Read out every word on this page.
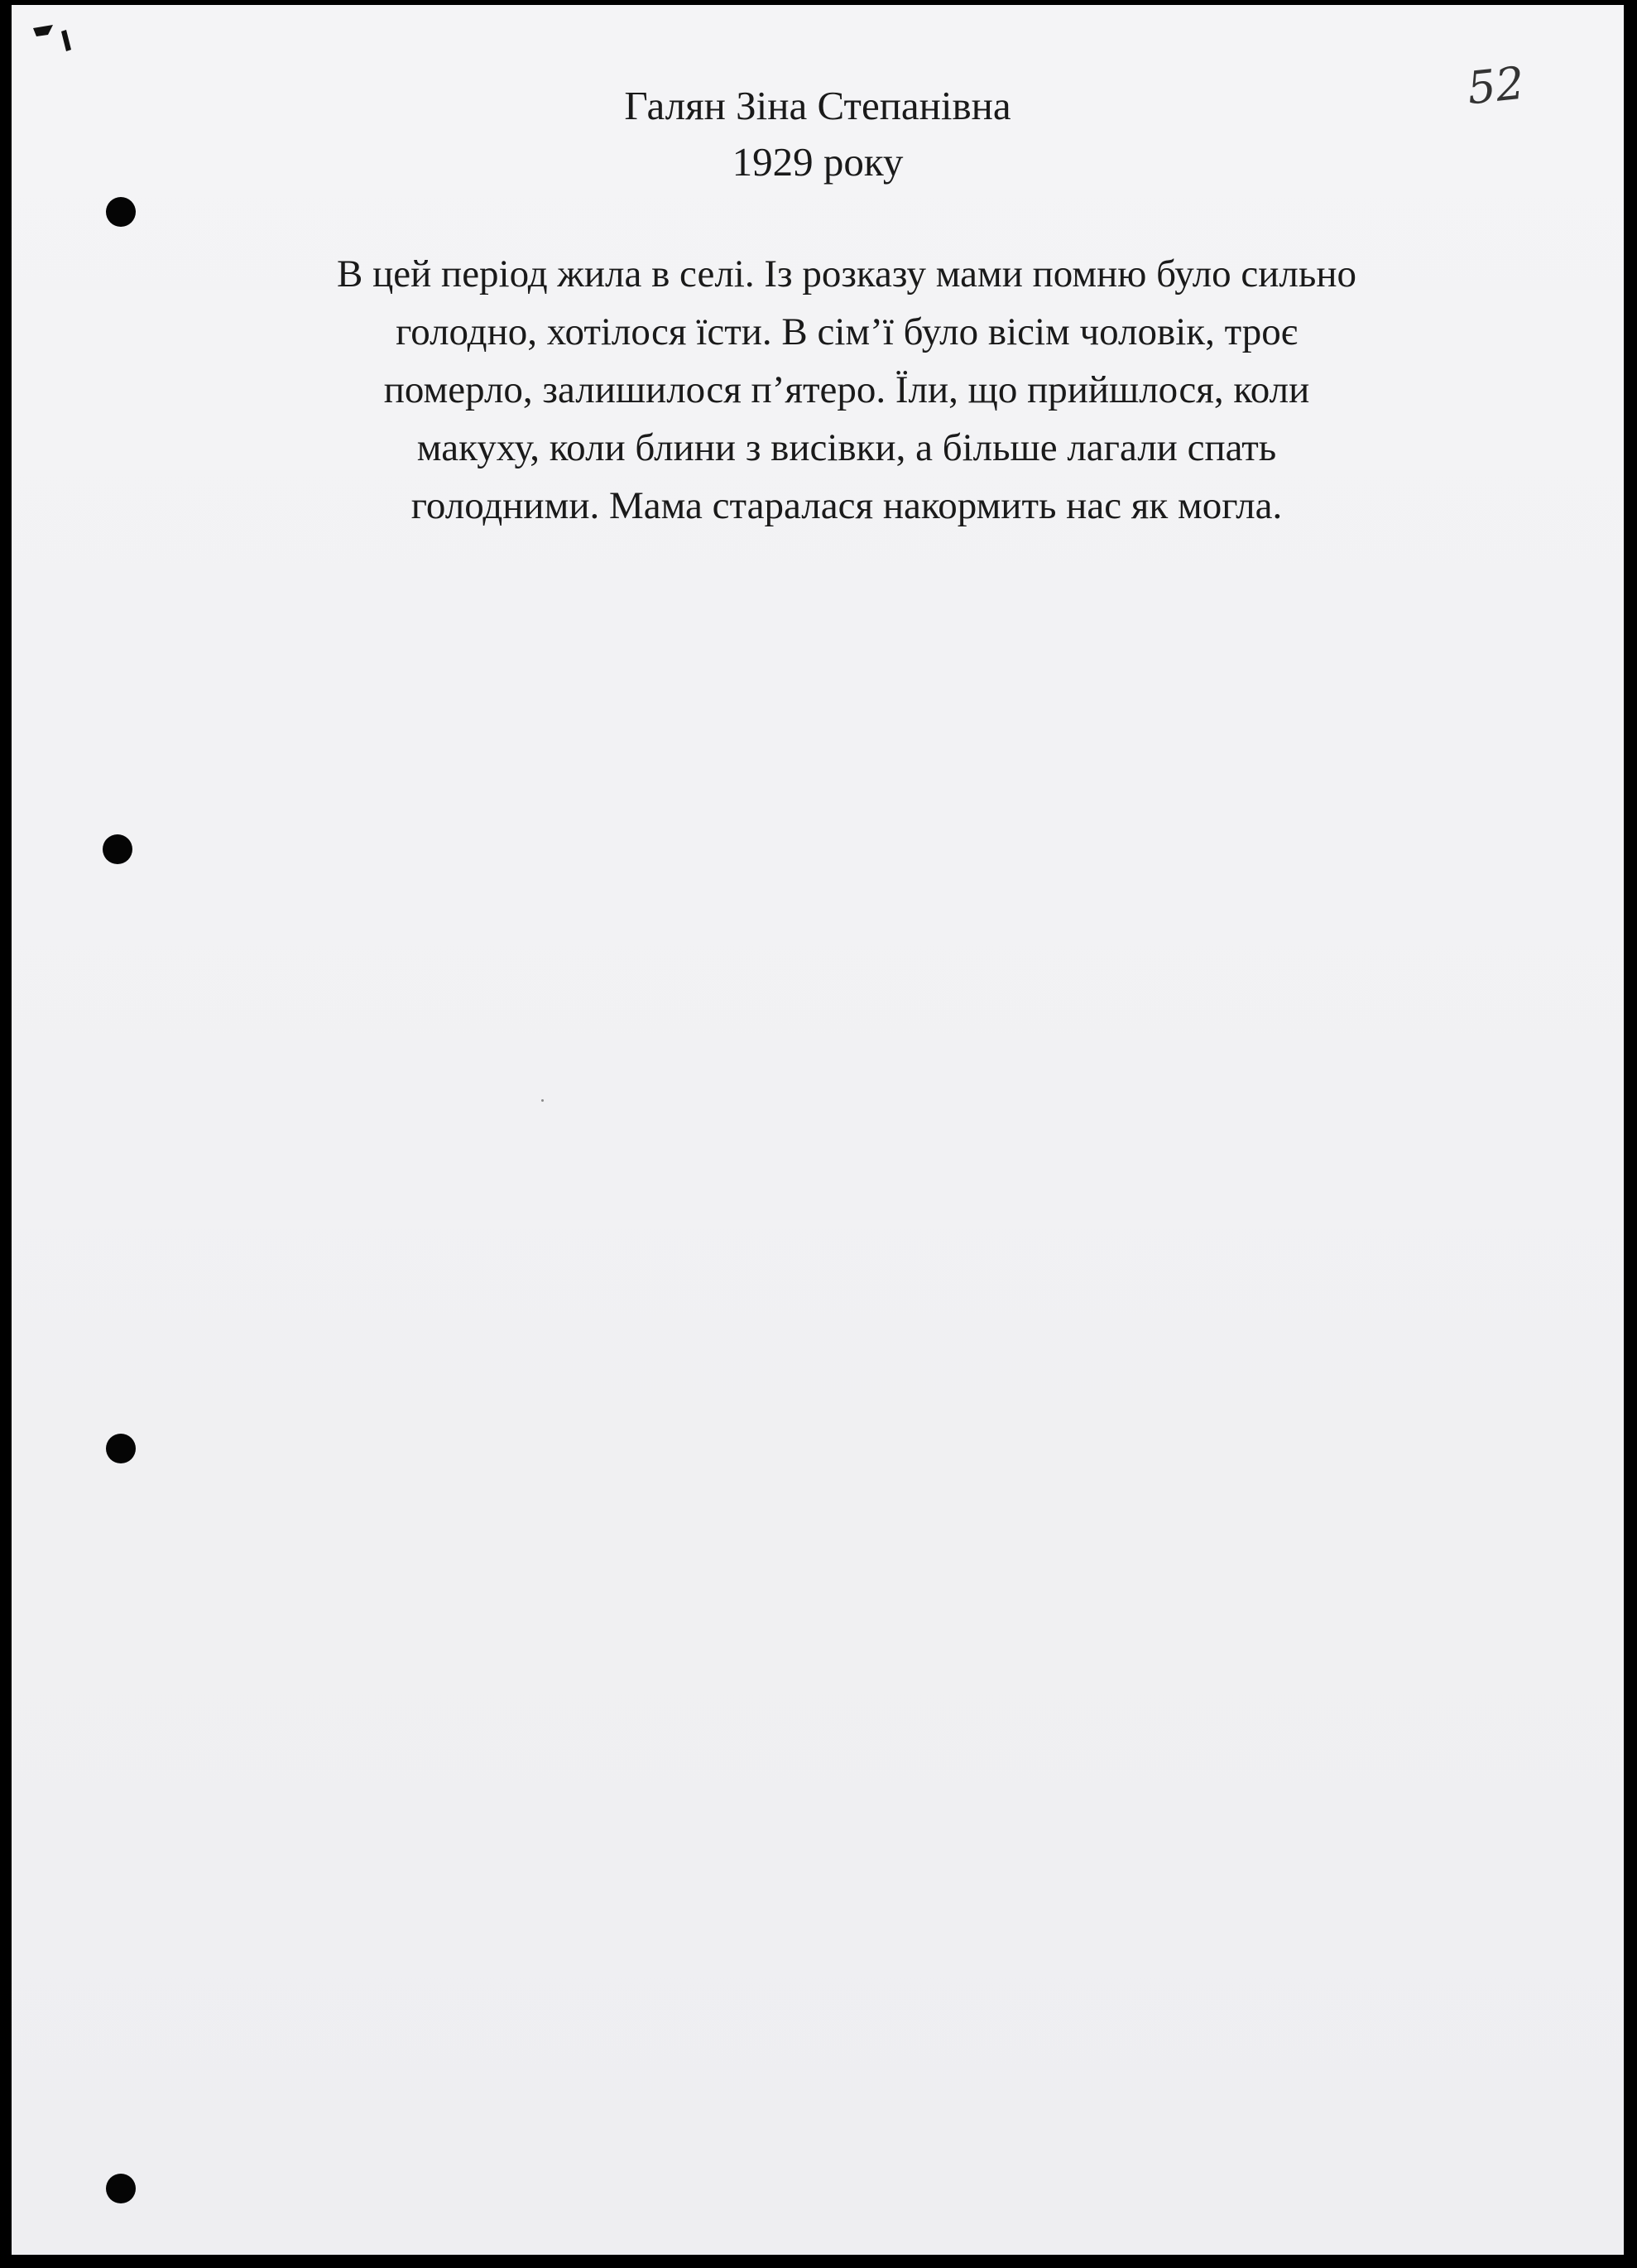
52
Галян Зіна Степанівна
1929 року
В цей період жила в селі. Із розказу мами помню було сильно
голодно, хотілося їсти. В сім’ї було вісім чоловік, троє
померло, залишилося п’ятеро. Їли, що прийшлося, коли
макуху, коли блини з висівки, а більше лагали спать
голодними. Мама старалася накормить нас як могла.
